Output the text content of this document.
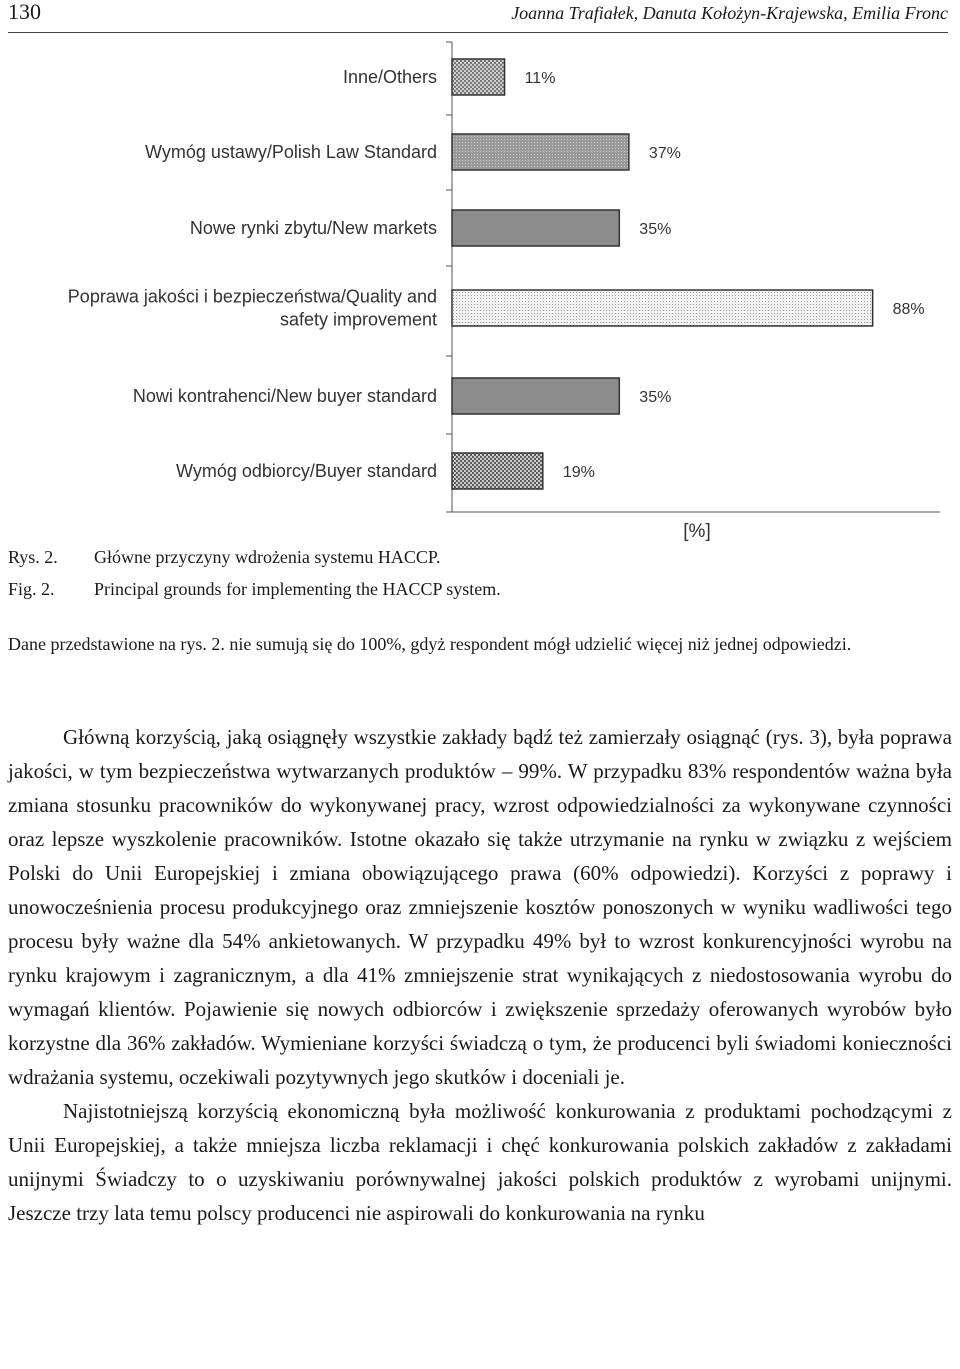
130	Joanna Trafiałek, Danuta Kołożyn-Krajewska, Emilia Fronc
11%
Inne/Others
37%
Wymóg ustawy/Polish Law Standard
35%
Nowe rynki zbytu/New markets
88%
Poprawa jakości i bezpieczeństwa/Quality and
safety improvement
35%
Nowi kontrahenci/New buyer standard
19%
Wymóg odbiorcy/Buyer standard
[%]
Rys. 2. Główne przyczyny wdrożenia systemu HACCP.
Fig. 2. Principal grounds for implementing the HACCP system.

Dane przedstawione na rys. 2. nie sumują się do 100%, gdyż respondent mógł udzielić więcej niż jednej odpowiedzi.

Główną korzyścią, jaką osiągnęły wszystkie zakłady bądź też zamierzały osiągnąć (rys. 3), była poprawa jakości, w tym bezpieczeństwa wytwarzanych produktów – 99%. W przypadku 83% respondentów ważna była zmiana stosunku pracowników do wykonywanej pracy, wzrost odpowiedzialności za wykonywane czynności oraz lepsze wyszkolenie pracowników. Istotne okazało się także utrzymanie na rynku w związku z wejściem Polski do Unii Europejskiej i zmiana obowiązującego prawa (60% odpowiedzi). Korzyści z poprawy i unowocześnienia procesu produkcyjnego oraz zmniejszenie kosztów ponoszonych w wyniku wadliwości tego procesu były ważne dla 54% ankietowanych. W przypadku 49% był to wzrost konkurencyjności wyrobu na rynku krajowym i zagranicznym, a dla 41% zmniejszenie strat wynikających z niedostosowania wyrobu do wymagań klientów. Pojawienie się nowych odbiorców i zwiększenie sprzedaży oferowanych wyrobów było korzystne dla 36% zakładów. Wymieniane korzyści świadczą o tym, że producenci byli świadomi konieczności wdrażania systemu, oczekiwali pozytywnych jego skutków i doceniali je.

Najistotniejszą korzyścią ekonomiczną była możliwość konkurowania z produktami pochodzącymi z Unii Europejskiej, a także mniejsza liczba reklamacji i chęć konkurowania polskich zakładów z zakładami unijnymi Świadczy to o uzyskiwaniu porównywalnej jakości polskich produktów z wyrobami unijnymi. Jeszcze trzy lata temu polscy producenci nie aspirowali do konkurowania na rynku
